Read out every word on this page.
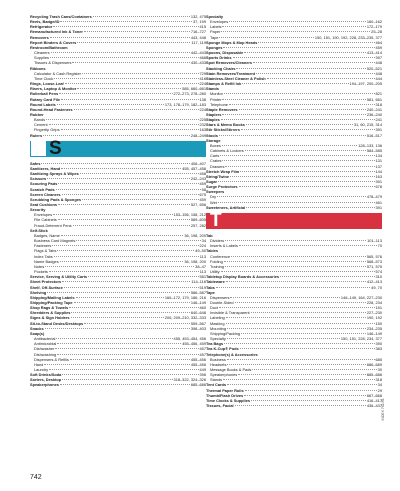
Recycling Trash Cans/Containers	132, 475
Reels, Badge/ID	37, 199
Refrigerator	415
Remanufactured Ink & Toner	716–727
Removers	443, 448
Report Binders & Covers	117, 119
Restroom/Bathroom
Cleaners	442–443
Supplies	466
Tissues & Dispensers	430–433
Ribbons
Calculator & Cash Register	729
Time Clock	416
Rings, Loose-Leaf	224
Risers, Laptop & Monitor	585, 660–661
Rollerball Pens	272–273, 278–280
Rotary Card File	138
Round Labels	173, 178–179, 182–183
Round-Head Fasteners	224
Rubber
Bands	225
Cement	232
Fingertip Grips	163
Rulers	248–249
S
Safes	406–407
Sanitizers, Hand	455, 457–458
Sanitizing Sprays & Wipes	458
Scissors	242–243
Scouring Pads	459
Scratch Pads	58
Screen Cleaners	675
Scrubbing Pads & Sponges	459
Seat Cushions	527, 656
Security
Envelopes	153–156, 158, 212
File Cabinets	589–605
Fraud-Deterrent Pens	257, 282
Self-Stick
Badges, Name	36, 198, 200
Business Card Magnets	34
Fasteners	224
Flags & Tabs	49–50
Index Tabs	113
Name Badges	36, 198, 200
Notes	38–47
Pockets	113
Service, Serving & Utility Carts	581
Sheet Protectors	114–116
Shelf, Off-Surface	519
Shelving	586–587
Shipping/Mailing Labels	166–172, 179, 186, 216
Shipping/Packing Tape	146–149
Shop Rags & Towels	460
Shredders & Supplies	640–648
Signs & Sign Holders	206, 209–210, 332–333
Sit-to-Stand Desks/Desktops	559–567
Snacks	398–403
Soap(s)
Antibacterial	455, 453–454, 456
Antimicrobial	455–456, 459
Dishwasher	457
Dishwashing	457
Dispensers & Refills	455–456
Hand	455–456
Laundry	449
Soft Drinks/Soda	396
Sorters, Desktop	318–322, 324–326
Speakerphones	685–686
Specialty
Envelopes	160–162
Labels	172–179
Paper	25–28
Tape	150, 151, 190, 192, 228, 233–235, 377
Sponge Mops & Mop Heads	464
Sponges	459
Spoons, Disposable	413–414
Sports Drinks	397
Spot Removers/Cleaners	448
Stacking Chairs	520–521
Stain Removers/Treatment	448
Stainless-Steel Cleaner & Polish	444
Stamps & Refill Ink	194–197, 200–205
Stands
Monitor	821
Printer	581, 661
Telephone	318
Staple Removers	240–241
Staplers	236–240
Staples	241
Stars & Memo Books	31, 60, 215, 314
Stir Sticks/Stirrers	391
Stools	516–517
Storage
Boxes	128–133, 136
Cabinets & Lockers	584–585
Carts	134
Crates	131
Drawers	137
Stretch Wrap Film	144
String/Twine	163
Sugar	391
Surge Protectors	678
Sweepers
Dry	478–479
Wet	461
Sweeteners, Artificial	391
T
Tab
Dividers	101–113
Inserts & Labels	70
Tables
Conference	565, 576
Folding	568–573
Training	571, 575
Utility	574
Tabletop Display Boards & Accessories	310
Tableware	412–413
Tabs	49, 70
Tape
Dispensers	146–149, 164, 227–230
Double-Sided	228, 234
Duct	151
Invisible & Transparent	227–230
Labeling	190, 192
Masking	150
Mounting	234–235
Shipping/Packing	146–149
Specialty	150, 151, 228, 234, 377
Tea Bags	390
Tea K-Cup® Pods	383
Telephone(s) & Accessories
Business	685
Headsets	686–689
Message Books & Pads	30
Speakerphones	685–686
Stands	318
Tent Cards	34
Thermal Paper Rolls	29
Thumb/Flash Drives	667–668
Time Clocks & Supplies	416–417
Tissues, Facial	436–437
742
INDEX 742-RL
